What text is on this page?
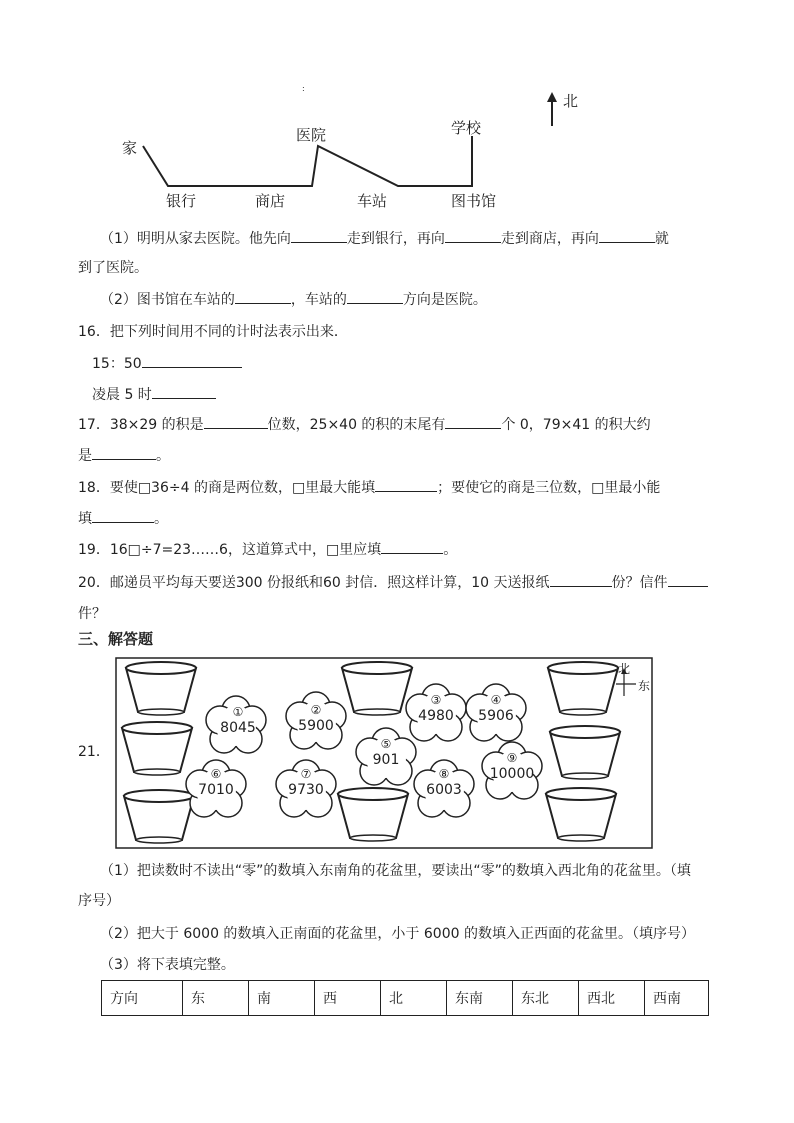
:
北
家
医院	学校
银行	商店	车站	图书馆
（1）明明从家去医院。他先向	走到银行，再向	走到商店，再向	就
到了医院。
（2）图书馆在车站的	，车站的	方向是医院。
16．把下列时间用不同的计时法表示出来．
15：50
凌晨 5 时
17．38×29 的积是	位数，25×40 的积的末尾有	个 0，79×41 的积大约
是	。
18．要使□36÷4 的商是两位数，□里最大能填	；要使它的商是三位数，□里最小能
填	。
19．16□÷7=23……6，这道算式中，□里应填	。
20．邮递员平均每天要送300 份报纸和60 封信．照这样计算，10 天送报纸	份？信件
件？
三、解答题
21．
北
东
①
8045
②
5900
③
4980
④
5906
⑤
901
⑥
7010
⑦
9730
⑧
6003
⑨
10000
（1）把读数时不读出“零”的数填入东南角的花盆里，要读出“零”的数填入西北角的花盆里。（填
序号）
（2）把大于 6000 的数填入正南面的花盆里，小于 6000 的数填入正西面的花盆里。（填序号）
（3）将下表填完整。
方向	东	南	西	北	东南	东北	西北	西南
